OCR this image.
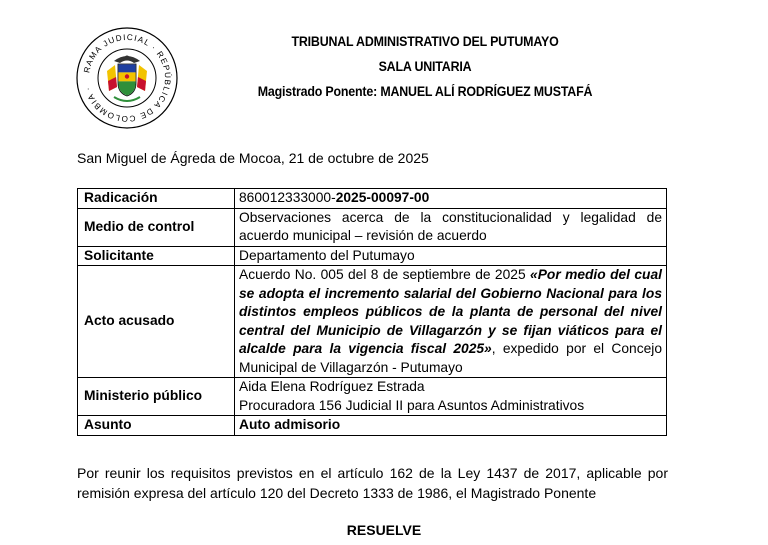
RAMA JUDICIAL · REPÚBLICA DE COLOMBIA ·
TRIBUNAL ADMINISTRATIVO DEL PUTUMAYO
SALA UNITARIA
Magistrado Ponente: MANUEL ALÍ RODRÍGUEZ MUSTAFÁ
San Miguel de Ágreda de Mocoa, 21 de octubre de 2025
Radicación	860012333000-2025-00097-00
Medio de control	Observaciones acerca de la constitucionalidad y legalidad de acuerdo municipal – revisión de acuerdo
Solicitante	Departamento del Putumayo
Acto acusado	Acuerdo No. 005 del 8 de septiembre de 2025 «Por medio del cual se adopta el incremento salarial del Gobierno Nacional para los distintos empleos públicos de la planta de personal del nivel central del Municipio de Villagarzón y se fijan viáticos para el alcalde para la vigencia fiscal 2025», expedido por el Concejo Municipal de Villagarzón - Putumayo
Ministerio público	Aida Elena Rodríguez Estrada
Procuradora 156 Judicial II para Asuntos Administrativos

Asunto	Auto admisorio
Por reunir los requisitos previstos en el artículo 162 de la Ley 1437 de 2017, aplicable por remisión expresa del artículo 120 del Decreto 1333 de 1986, el Magistrado Ponente
RESUELVE
